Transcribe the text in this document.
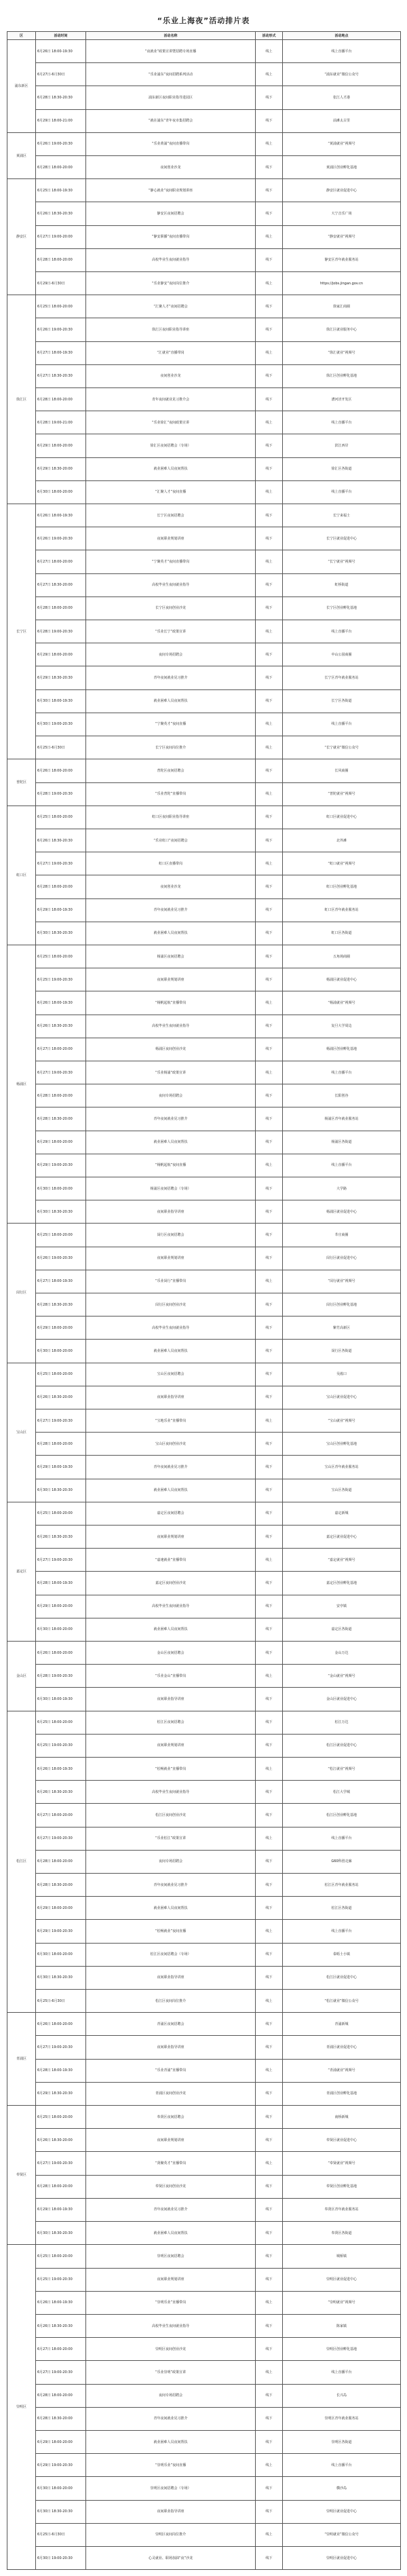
“乐业上海夜”活动排片表
区	活动时间	活动名称	活动形式	活动地点
浦东新区	6月26日 18:00-19:30	“夜就业”政策宣讲暨招聘专场直播	线上	线上直播平台
	6月27日-6月30日	“乐业浦东”夜间招聘系列活动	线上	“浦东就业”微信公众号
	6月28日 18:30-20:30	浦东新区夜间职业指导进园区	线下	张江人才港
	6月29日 18:00-21:00	“就在浦东”青年夜市集招聘会	线下	前滩太古里
黄浦区	6月26日 19:00-20:30	“乐业黄浦”夜间直播带岗	线上	“黄浦就业”视频号
	6月28日 18:00-20:00	夜间创业沙龙	线下	黄浦区创业孵化基地
静安区	6月25日 18:00-19:30	“静心就业”夜间职业规划讲座	线下	静安区就业促进中心
	6月26日 18:30-20:30	静安区夜间招聘会	线下	大宁音乐广场
	6月27日 19:00-20:00	“静安职播”夜间直播带岗	线上	“静安就业”视频号
	6月28日 18:00-20:00	高校毕业生夜间就业指导	线下	静安区青年就业服务站
	6月29日-6月30日	“乐业静安”夜间岗位推介	线上	https://jobs.jingan.gov.cn
徐汇区	6月25日 18:00-20:00	“汇聚人才”夜间招聘会	线下	徐家汇商圈
	6月26日 19:00-20:30	徐汇区夜间职业指导讲座	线下	徐汇区就业服务中心
	6月27日 18:00-19:30	“汇就业”直播带岗	线上	“徐汇就业”视频号
	6月27日 18:30-20:30	夜间创业沙龙	线下	徐汇区创业孵化基地
	6月28日 18:00-20:00	青年夜间就业见习推介会	线下	漕河泾开发区
	6月28日 19:00-21:00	“乐业徐汇”夜间政策宣讲	线上	线上直播平台
	6月29日 18:00-20:00	徐汇区夜间招聘会（专场）	线下	滨江西岸
	6月29日 18:30-20:00	就业困难人员夜间帮扶	线下	徐汇区各街道
	6月30日 18:00-20:00	“汇聚人才”夜间直播	线上	线上直播平台
长宁区	6月26日 18:00-19:30	长宁区夜间招聘会	线下	长宁来福士
	6月26日 19:00-20:30	夜间职业规划讲座	线下	长宁区就业促进中心
	6月27日 18:00-20:00	“宁聚英才”夜间直播带岗	线上	“长宁就业”视频号
	6月27日 18:30-20:00	高校毕业生夜间就业指导	线下	虹桥街道
	6月28日 18:00-20:00	长宁区夜间创业沙龙	线下	长宁区创业孵化基地
	6月28日 19:00-20:30	“乐业长宁”政策宣讲	线上	线上直播平台
	6月29日 18:00-20:00	夜间专场招聘会	线下	中山公园商圈
	6月29日 18:30-20:30	青年夜间就业见习推介	线下	长宁区青年就业服务站
	6月30日 18:00-19:30	就业困难人员夜间帮扶	线下	长宁区各街道
	6月30日 19:00-20:30	“宁聚英才”夜间直播	线上	线上直播平台
	6月25日-6月30日	长宁区夜间岗位推介	线上	“长宁就业”微信公众号
普陀区	6月26日 18:00-20:00	普陀区夜间招聘会	线下	长风商圈
	6月28日 19:00-20:30	“乐业普陀”直播带岗	线上	“普陀就业”视频号
虹口区	6月25日 18:00-20:00	虹口区夜间职业指导讲座	线下	虹口区就业促进中心
	6月26日 18:30-20:30	“乐业虹口”夜间招聘会	线下	北外滩
	6月27日 19:00-20:30	虹口区直播带岗	线上	“虹口就业”视频号
	6月28日 18:00-20:00	夜间创业沙龙	线下	虹口区创业孵化基地
	6月29日 18:00-19:30	青年夜间就业见习推介	线下	虹口区青年就业服务站
	6月30日 18:30-20:30	就业困难人员夜间帮扶	线下	虹口区各街道
杨浦区	6月25日 18:00-20:00	杨浦区夜间招聘会	线下	五角场商圈
	6月25日 19:00-20:30	夜间职业规划讲座	线下	杨浦区就业促进中心
	6月26日 18:00-19:30	“杨帆起航”直播带岗	线上	“杨浦就业”视频号
	6月26日 18:30-20:30	高校毕业生夜间就业指导	线下	复旦大学周边
	6月27日 18:00-20:00	杨浦区夜间创业沙龙	线下	杨浦区创业孵化基地
	6月27日 19:00-20:30	“乐业杨浦”政策宣讲	线上	线上直播平台
	6月28日 18:00-20:00	夜间专场招聘会	线下	长阳创谷
	6月28日 18:30-20:00	青年夜间就业见习推介	线下	杨浦区青年就业服务站
	6月29日 18:00-20:00	就业困难人员夜间帮扶	线下	杨浦区各街道
	6月29日 19:00-20:30	“杨帆起航”夜间直播	线上	线上直播平台
	6月30日 18:00-20:00	杨浦区夜间招聘会（专场）	线下	大学路
	6月30日 18:30-20:30	夜间职业指导讲座	线下	杨浦区就业促进中心
闵行区	6月25日 18:00-20:00	闵行区夜间招聘会	线下	莘庄商圈
	6月26日 19:00-20:30	夜间职业规划讲座	线下	闵行区就业促进中心
	6月27日 18:00-19:30	“乐业闵行”直播带岗	线上	“闵行就业”视频号
	6月28日 18:30-20:30	闵行区夜间创业沙龙	线下	闵行区创业孵化基地
	6月29日 18:00-20:00	高校毕业生夜间就业指导	线下	紫竹高新区
	6月30日 18:00-20:00	就业困难人员夜间帮扶	线下	闵行区各街道
宝山区	6月25日 18:00-20:00	宝山区夜间招聘会	线下	吴淞口
	6月26日 18:30-20:00	夜间职业指导讲座	线下	宝山区就业促进中心
	6月27日 19:00-20:30	“宝地乐业”直播带岗	线上	“宝山就业”视频号
	6月28日 18:00-20:00	宝山区夜间创业沙龙	线下	宝山区创业孵化基地
	6月29日 18:00-19:30	青年夜间就业见习推介	线下	宝山区青年就业服务站
	6月30日 18:30-20:30	就业困难人员夜间帮扶	线下	宝山区各街道
嘉定区	6月25日 18:00-20:00	嘉定区夜间招聘会	线下	嘉定新城
	6月26日 18:30-20:30	夜间职业规划讲座	线下	嘉定区就业促进中心
	6月27日 19:00-20:30	“嘉速就业”直播带岗	线上	“嘉定就业”视频号
	6月28日 18:00-19:30	嘉定区夜间创业沙龙	线下	嘉定区创业孵化基地
	6月29日 18:00-20:00	高校毕业生夜间就业指导	线下	安亭镇
	6月30日 18:00-20:00	就业困难人员夜间帮扶	线下	嘉定区各街道
金山区	6月26日 18:00-20:00	金山区夜间招聘会	线下	金山万达
	6月28日 19:00-20:30	“乐业金山”直播带岗	线上	“金山就业”视频号
	6月30日 18:00-19:30	夜间职业指导讲座	线下	金山区就业促进中心
松江区	6月25日 18:00-20:00	松江区夜间招聘会	线下	松江万达
	6月25日 19:00-20:30	夜间职业规划讲座	线下	松江区就业促进中心
	6月26日 18:00-19:30	“松畅就业”直播带岗	线上	“松江就业”视频号
	6月26日 18:30-20:30	高校毕业生夜间就业指导	线下	松江大学城
	6月27日 18:00-20:00	松江区夜间创业沙龙	线下	松江区创业孵化基地
	6月27日 19:00-20:30	“乐业松江”政策宣讲	线上	线上直播平台
	6月28日 18:00-20:00	夜间专场招聘会	线下	G60科创走廊
	6月28日 18:30-20:00	青年夜间就业见习推介	线下	松江区青年就业服务站
	6月29日 18:00-20:00	就业困难人员夜间帮扶	线下	松江区各街道
	6月29日 19:00-20:30	“松畅就业”夜间直播	线上	线上直播平台
	6月30日 18:00-20:00	松江区夜间招聘会（专场）	线下	泰晤士小镇
	6月30日 18:30-20:30	夜间职业指导讲座	线下	松江区就业促进中心
	6月25日-6月30日	松江区夜间岗位推介	线上	“松江就业”微信公众号
青浦区	6月26日 18:00-20:00	青浦区夜间招聘会	线下	青浦新城
	6月27日 19:00-20:30	夜间职业指导讲座	线下	青浦区就业促进中心
	6月28日 18:00-19:30	“乐业青浦”直播带岗	线上	“青浦就业”视频号
	6月29日 18:30-20:30	青浦区夜间创业沙龙	线下	青浦区创业孵化基地
奉贤区	6月25日 18:00-20:00	奉贤区夜间招聘会	线下	南桥新城
	6月26日 18:30-20:00	夜间职业规划讲座	线下	奉贤区就业促进中心
	6月27日 19:00-20:30	“贤聚英才”直播带岗	线上	“奉贤就业”视频号
	6月28日 18:00-20:00	奉贤区夜间创业沙龙	线下	奉贤区创业孵化基地
	6月29日 18:00-19:30	青年夜间就业见习推介	线下	奉贤区青年就业服务站
	6月30日 18:30-20:30	就业困难人员夜间帮扶	线下	奉贤区各街道
崇明区	6月25日 18:00-20:00	崇明区夜间招聘会	线下	城桥镇
	6月25日 19:00-20:30	夜间职业规划讲座	线下	崇明区就业促进中心
	6月26日 18:00-19:30	“崇明乐业”直播带岗	线上	“崇明就业”视频号
	6月26日 18:30-20:30	高校毕业生夜间就业指导	线下	陈家镇
	6月27日 18:00-20:00	崇明区夜间创业沙龙	线下	崇明区创业孵化基地
	6月27日 19:00-20:30	“乐业崇明”政策宣讲	线上	线上直播平台
	6月28日 18:00-20:00	夜间专场招聘会	线下	长兴岛
	6月28日 18:30-20:00	青年夜间就业见习推介	线下	崇明区青年就业服务站
	6月29日 18:00-20:00	就业困难人员夜间帮扶	线下	崇明区各街道
	6月29日 19:00-20:30	“崇明乐业”夜间直播	线上	线上直播平台
	6月30日 18:00-20:00	崇明区夜间招聘会（专场）	线下	横沙岛
	6月30日 18:30-20:30	夜间职业指导讲座	线下	崇明区就业促进中心
	6月25日-6月30日	崇明区夜间岗位推介	线上	“崇明就业”微信公众号
	6月30日 19:00-20:30	心灵就业、职场加油“夜”沙龙	线下	崇明区就业促进中心
